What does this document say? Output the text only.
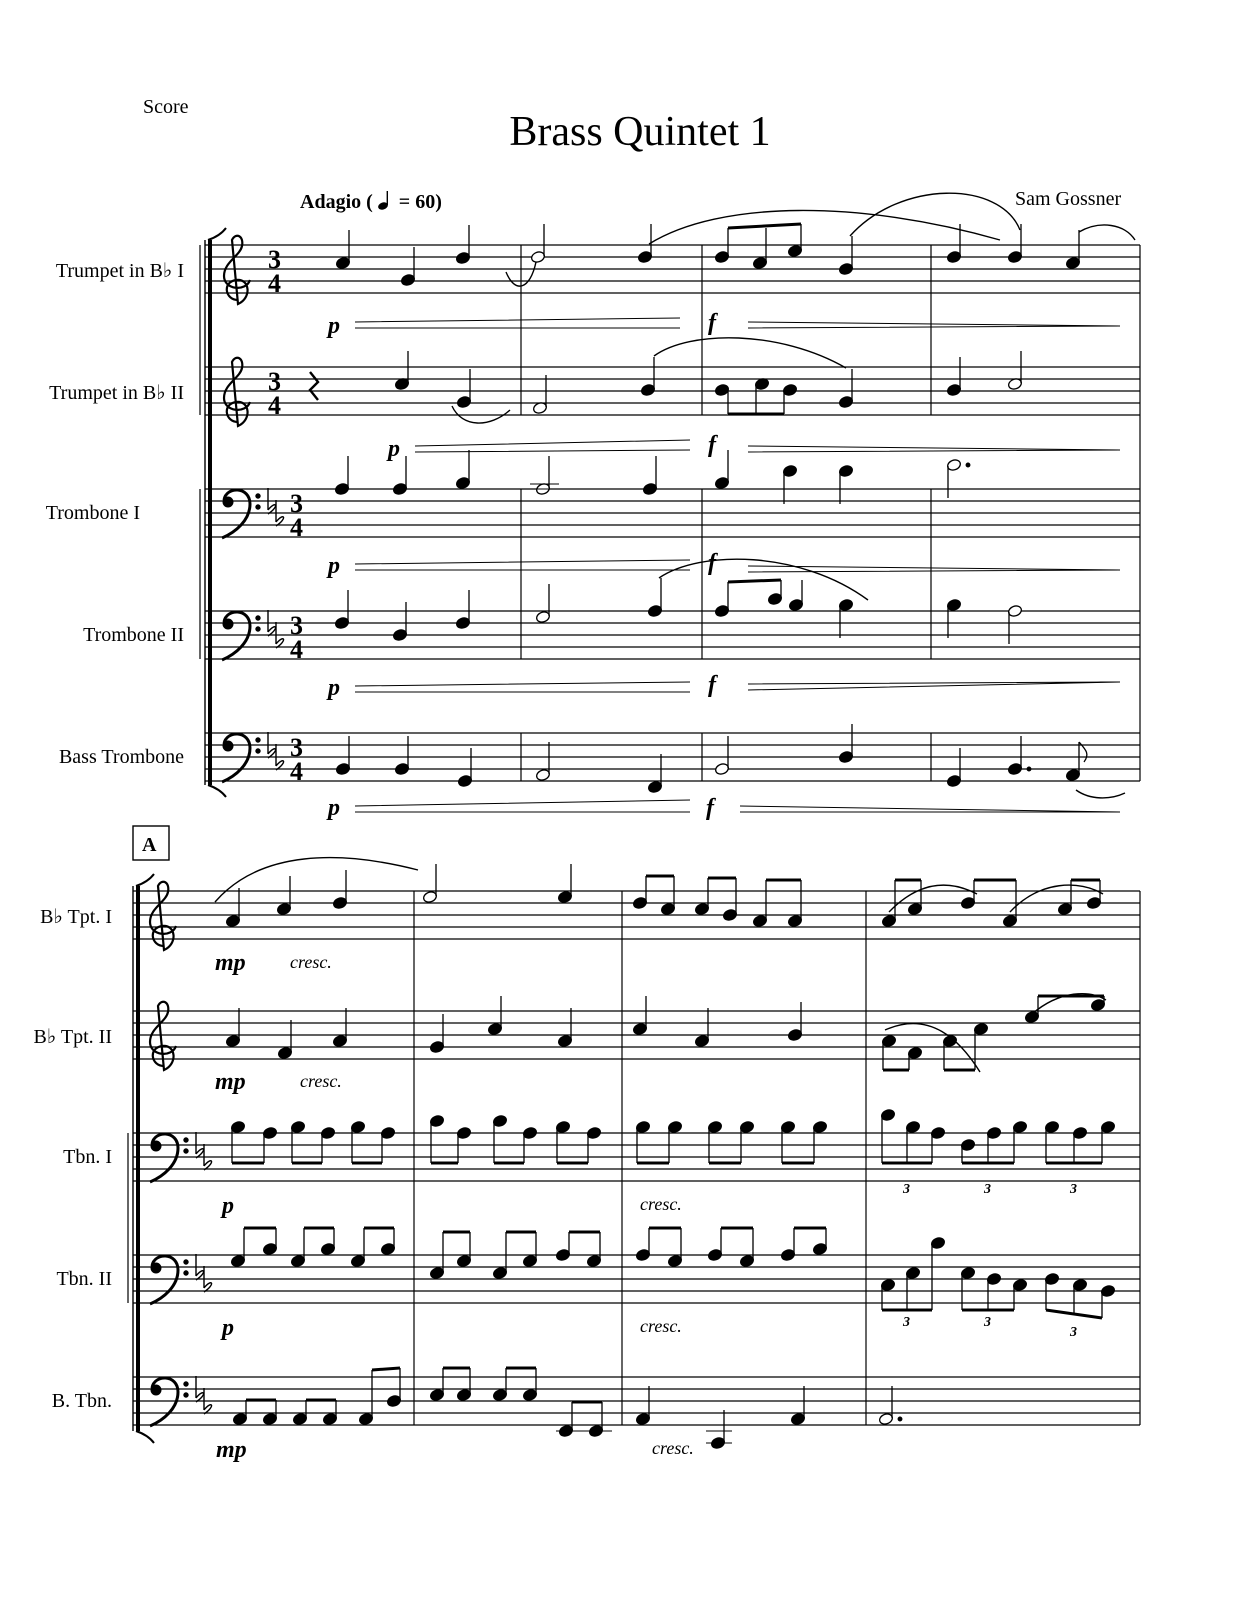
Score
Brass Quintet 1
Adagio ( = 60)	Sam Gossner
Trumpet in B♭ I
Trumpet in B♭ II
Trombone I
Trombone II
Bass Trombone
B♭ Tpt. I
B♭ Tpt. II
Tbn. I
Tbn. II
B. Tbn.
3
4
3
4
3
4
3
4
3
4
A
p	f
p	f
p	f
p	f
p	f
mp
mp
p
p
mp
cresc.
cresc.
cresc.
cresc.
cresc.
3	3	3
3	3
3
